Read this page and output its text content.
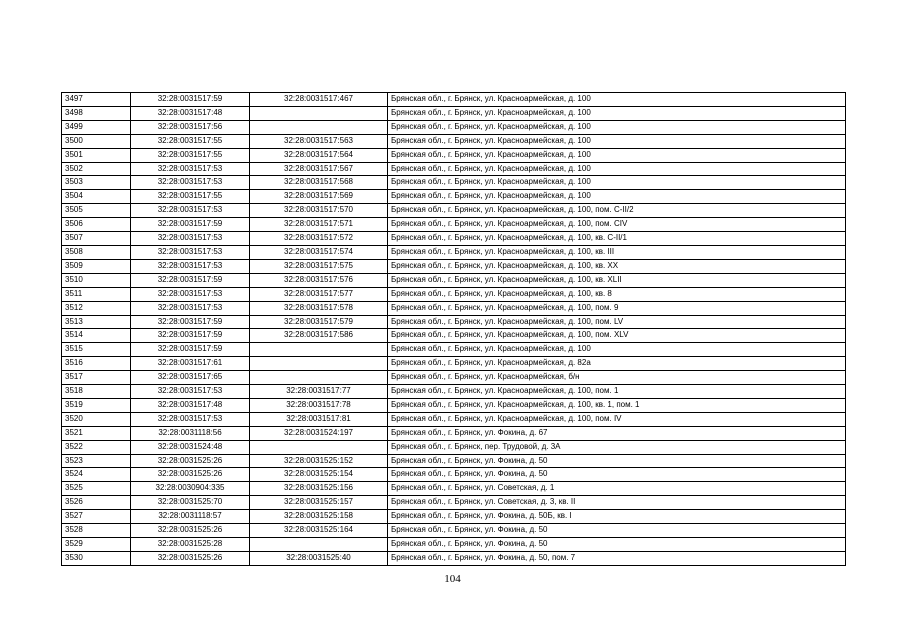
3497	32:28:0031517:59	32:28:0031517:467	Брянская обл., г. Брянск, ул. Красноармейская, д. 100
3498	32:28:0031517:48		Брянская обл., г. Брянск, ул. Красноармейская, д. 100
3499	32:28:0031517:56		Брянская обл., г. Брянск, ул. Красноармейская, д. 100
3500	32:28:0031517:55	32:28:0031517:563	Брянская обл., г. Брянск, ул. Красноармейская, д. 100
3501	32:28:0031517:55	32:28:0031517:564	Брянская обл., г. Брянск, ул. Красноармейская, д. 100
3502	32:28:0031517:53	32:28:0031517:567	Брянская обл., г. Брянск, ул. Красноармейская, д. 100
3503	32:28:0031517:53	32:28:0031517:568	Брянская обл., г. Брянск, ул. Красноармейская, д. 100
3504	32:28:0031517:55	32:28:0031517:569	Брянская обл., г. Брянск, ул. Красноармейская, д. 100
3505	32:28:0031517:53	32:28:0031517:570	Брянская обл., г. Брянск, ул. Красноармейская, д. 100, пом. C-II/2
3506	32:28:0031517:59	32:28:0031517:571	Брянская обл., г. Брянск, ул. Красноармейская, д. 100, пом. CIV
3507	32:28:0031517:53	32:28:0031517:572	Брянская обл., г. Брянск, ул. Красноармейская, д. 100, кв. C-II/1
3508	32:28:0031517:53	32:28:0031517:574	Брянская обл., г. Брянск, ул. Красноармейская, д. 100, кв. III
3509	32:28:0031517:53	32:28:0031517:575	Брянская обл., г. Брянск, ул. Красноармейская, д. 100, кв. XX
3510	32:28:0031517:59	32:28:0031517:576	Брянская обл., г. Брянск, ул. Красноармейская, д. 100, кв. XLII
3511	32:28:0031517:53	32:28:0031517:577	Брянская обл., г. Брянск, ул. Красноармейская, д. 100, кв. 8
3512	32:28:0031517:53	32:28:0031517:578	Брянская обл., г. Брянск, ул. Красноармейская, д. 100, пом. 9
3513	32:28:0031517:59	32:28:0031517:579	Брянская обл., г. Брянск, ул. Красноармейская, д. 100, пом. LV
3514	32:28:0031517:59	32:28:0031517:586	Брянская обл., г. Брянск, ул. Красноармейская, д. 100, пом. XLV
3515	32:28:0031517:59		Брянская обл., г. Брянск, ул. Красноармейская, д. 100
3516	32:28:0031517:61		Брянская обл., г. Брянск, ул. Красноармейская, д. 82а
3517	32:28:0031517:65		Брянская обл., г. Брянск, ул. Красноармейская, б/н
3518	32:28:0031517:53	32:28:0031517:77	Брянская обл., г. Брянск, ул. Красноармейская, д. 100, пом. 1
3519	32:28:0031517:48	32:28:0031517:78	Брянская обл., г. Брянск, ул. Красноармейская, д. 100, кв. 1, пом. 1
3520	32:28:0031517:53	32:28:0031517:81	Брянская обл., г. Брянск, ул. Красноармейская, д. 100, пом. IV
3521	32:28:0031118:56	32:28:0031524:197	Брянская обл., г. Брянск, ул. Фокина, д. 67
3522	32:28:0031524:48		Брянская обл., г. Брянск, пер. Трудовой, д. 3А
3523	32:28:0031525:26	32:28:0031525:152	Брянская обл., г. Брянск, ул. Фокина, д. 50
3524	32:28:0031525:26	32:28:0031525:154	Брянская обл., г. Брянск, ул. Фокина, д. 50
3525	32:28:0030904:335	32:28:0031525:156	Брянская обл., г. Брянск, ул. Советская, д. 1
3526	32:28:0031525:70	32:28:0031525:157	Брянская обл., г. Брянск, ул. Советская, д. 3, кв. II
3527	32:28:0031118:57	32:28:0031525:158	Брянская обл., г. Брянск, ул. Фокина, д. 50Б, кв. I
3528	32:28:0031525:26	32:28:0031525:164	Брянская обл., г. Брянск, ул. Фокина, д. 50
3529	32:28:0031525:28		Брянская обл., г. Брянск, ул. Фокина, д. 50
3530	32:28:0031525:26	32:28:0031525:40	Брянская обл., г. Брянск, ул. Фокина, д. 50, пом. 7
104
